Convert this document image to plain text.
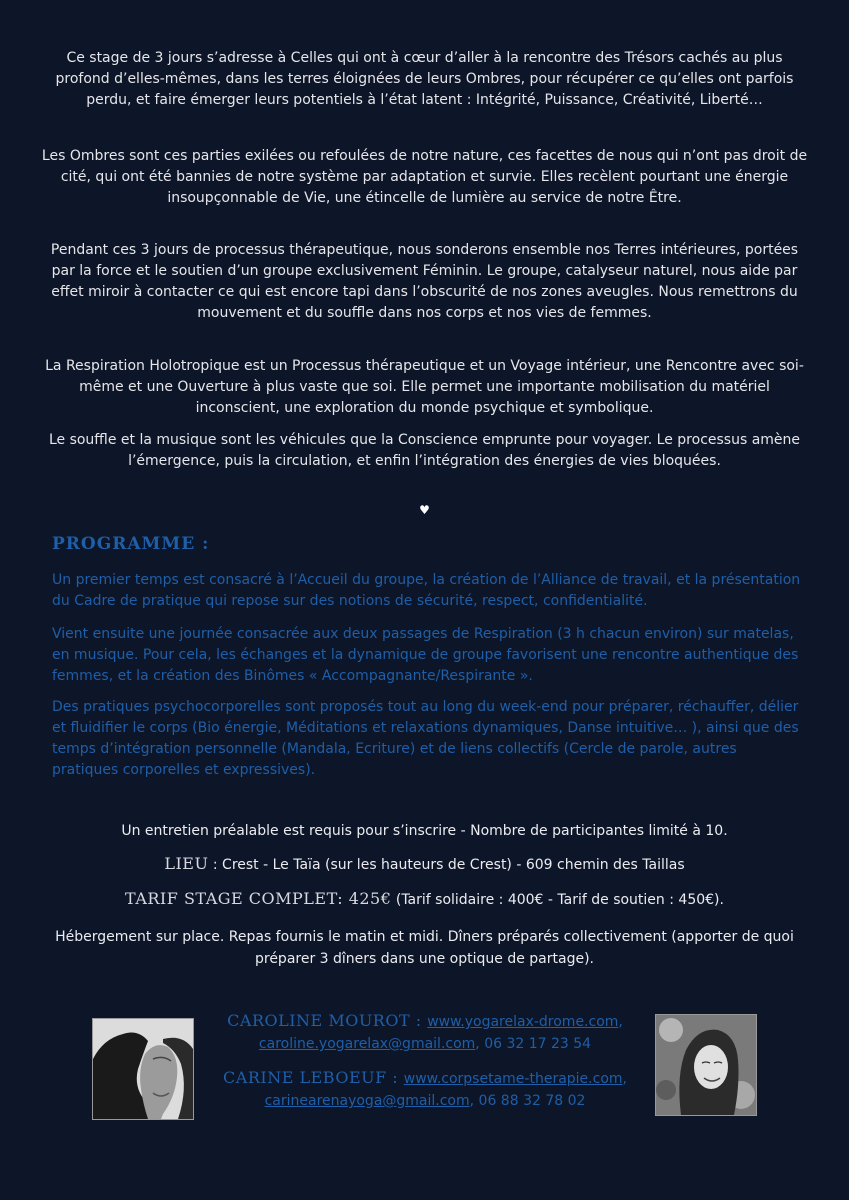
Ce stage de 3 jours s’adresse à Celles qui ont à cœur d’aller à la rencontre des Trésors cachés au plus profond d’elles-mêmes, dans les terres éloignées de leurs Ombres, pour récupérer ce qu’elles ont parfois perdu, et faire émerger leurs potentiels à l’état latent : Intégrité, Puissance, Créativité, Liberté…

Les Ombres sont ces parties exilées ou refoulées de notre nature, ces facettes de nous qui n’ont pas droit de cité, qui ont été bannies de notre système par adaptation et survie. Elles recèlent pourtant une énergie insoupçonnable de Vie, une étincelle de lumière au service de notre Être.

Pendant ces 3 jours de processus thérapeutique, nous sonderons ensemble nos Terres intérieures, portées par la force et le soutien d’un groupe exclusivement Féminin. Le groupe, catalyseur naturel, nous aide par effet miroir à contacter ce qui est encore tapi dans l’obscurité de nos zones aveugles. Nous remettrons du mouvement et du souffle dans nos corps et nos vies de femmes.

La Respiration Holotropique est un Processus thérapeutique et un Voyage intérieur, une Rencontre avec soi-même et une Ouverture à plus vaste que soi. Elle permet une importante mobilisation du matériel inconscient, une exploration du monde psychique et symbolique.

Le souffle et la musique sont les véhicules que la Conscience emprunte pour voyager. Le processus amène l’émergence, puis la circulation, et enfin l’intégration des énergies de vies bloquées.

♥
PROGRAMME :

Un premier temps est consacré à l’Accueil du groupe, la création de l’Alliance de travail, et la présentation du Cadre de pratique qui repose sur des notions de sécurité, respect, confidentialité.

Vient ensuite une journée consacrée aux deux passages de Respiration (3 h chacun environ) sur matelas, en musique. Pour cela, les échanges et la dynamique de groupe favorisent une rencontre authentique des femmes, et la création des Binômes « Accompagnante/Respirante ».

Des pratiques psychocorporelles sont proposés tout au long du week-end pour préparer, réchauffer, délier et fluidifier le corps (Bio énergie, Méditations et relaxations dynamiques, Danse intuitive… ), ainsi que des temps d’intégration personnelle (Mandala, Ecriture) et de liens collectifs (Cercle de parole, autres pratiques corporelles et expressives).

Un entretien préalable est requis pour s’inscrire - Nombre de participantes limité à 10.

LIEU : Crest - Le Taïa (sur les hauteurs de Crest) - 609 chemin des Taillas

TARIF STAGE COMPLET: 425€ (Tarif solidaire : 400€ - Tarif de soutien : 450€).

Hébergement sur place. Repas fournis le matin et midi. Dîners préparés collectivement (apporter de quoi préparer 3 dîners dans une optique de partage).

CAROLINE MOUROT : www.yogarelax-drome.com,
caroline.yogarelax@gmail.com, 06 32 17 23 54
CARINE LEBOEUF : www.corpsetame-therapie.com,
carinearenayoga@gmail.com, 06 88 32 78 02
